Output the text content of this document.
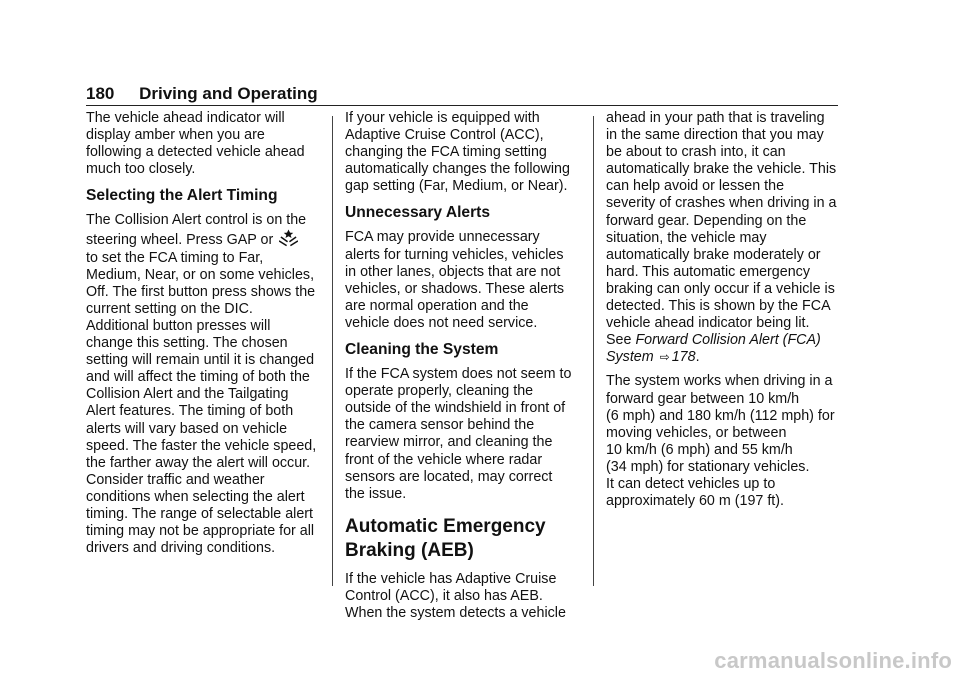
180 Driving and Operating

The vehicle ahead indicator will
display amber when you are
following a detected vehicle ahead
much too closely.

Selecting the Alert Timing

The Collision Alert control is on the
steering wheel. Press GAP or
to set the FCA timing to Far,
Medium, Near, or on some vehicles,
Off. The first button press shows the
current setting on the DIC.
Additional button presses will
change this setting. The chosen
setting will remain until it is changed
and will affect the timing of both the
Collision Alert and the Tailgating
Alert features. The timing of both
alerts will vary based on vehicle
speed. The faster the vehicle speed,
the farther away the alert will occur.
Consider traffic and weather
conditions when selecting the alert
timing. The range of selectable alert
timing may not be appropriate for all
drivers and driving conditions.

If your vehicle is equipped with
Adaptive Cruise Control (ACC),
changing the FCA timing setting
automatically changes the following
gap setting (Far, Medium, or Near).

Unnecessary Alerts

FCA may provide unnecessary
alerts for turning vehicles, vehicles
in other lanes, objects that are not
vehicles, or shadows. These alerts
are normal operation and the
vehicle does not need service.

Cleaning the System

If the FCA system does not seem to
operate properly, cleaning the
outside of the windshield in front of
the camera sensor behind the
rearview mirror, and cleaning the
front of the vehicle where radar
sensors are located, may correct
the issue.

Automatic Emergency
Braking (AEB)

If the vehicle has Adaptive Cruise
Control (ACC), it also has AEB.
When the system detects a vehicle

ahead in your path that is traveling
in the same direction that you may
be about to crash into, it can
automatically brake the vehicle. This
can help avoid or lessen the
severity of crashes when driving in a
forward gear. Depending on the
situation, the vehicle may
automatically brake moderately or
hard. This automatic emergency
braking can only occur if a vehicle is
detected. This is shown by the FCA
vehicle ahead indicator being lit.
See Forward Collision Alert (FCA)
System ⇨ 178.

The system works when driving in a
forward gear between 10 km/h
(6 mph) and 180 km/h (112 mph) for
moving vehicles, or between
10 km/h (6 mph) and 55 km/h
(34 mph) for stationary vehicles.
It can detect vehicles up to
approximately 60 m (197 ft).

carmanualsonline.info
